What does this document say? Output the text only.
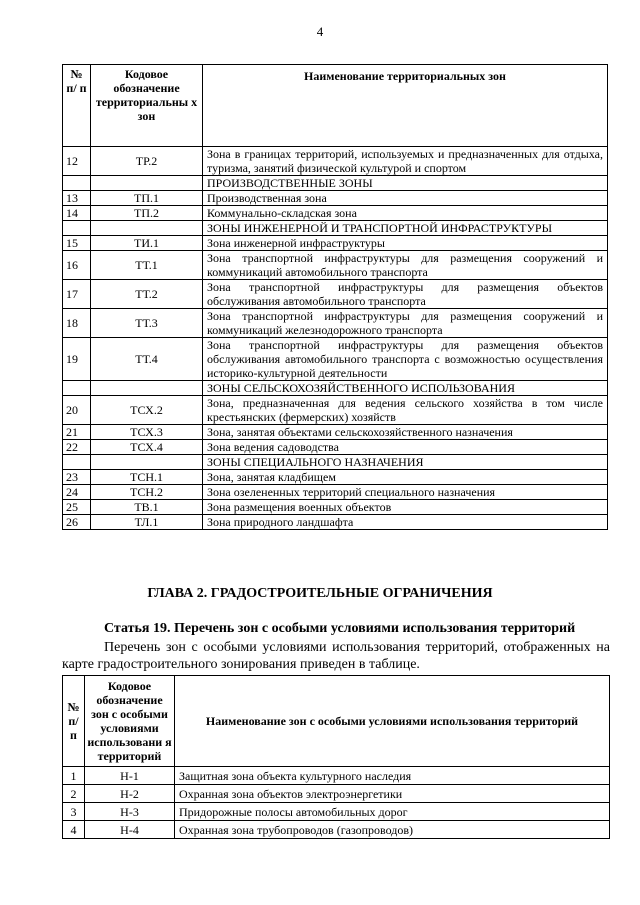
4
№ п/ п	Кодовое обозначение территориальны х зон	Наименование территориальных зон
12	ТР.2	Зона в границах территорий, используемых и предназначенных для отдыха, туризма, занятий физической культурой и спортом
		ПРОИЗВОДСТВЕННЫЕ ЗОНЫ
13	ТП.1	Производственная зона
14	ТП.2	Коммунально-складская зона
		ЗОНЫ ИНЖЕНЕРНОЙ И ТРАНСПОРТНОЙ ИНФРАСТРУКТУРЫ
15	ТИ.1	Зона инженерной инфраструктуры
16	ТТ.1	Зона транспортной инфраструктуры для размещения сооружений и коммуникаций автомобильного транспорта
17	ТТ.2	Зона транспортной инфраструктуры для размещения объектов обслуживания автомобильного транспорта
18	ТТ.3	Зона транспортной инфраструктуры для размещения сооружений и коммуникаций железнодорожного транспорта
19	ТТ.4	Зона транспортной инфраструктуры для размещения объектов обслуживания автомобильного транспорта с возможностью осуществления историко-культурной деятельности
		ЗОНЫ СЕЛЬСКОХОЗЯЙСТВЕННОГО ИСПОЛЬЗОВАНИЯ
20	ТСХ.2	Зона, предназначенная для ведения сельского хозяйства в том числе крестьянских (фермерских) хозяйств
21	ТСХ.3	Зона, занятая объектами сельскохозяйственного назначения
22	ТСХ.4	Зона ведения садоводства
		ЗОНЫ СПЕЦИАЛЬНОГО НАЗНАЧЕНИЯ
23	ТСН.1	Зона, занятая кладбищем
24	ТСН.2	Зона озелененных территорий специального назначения
25	ТВ.1	Зона размещения военных объектов
26	ТЛ.1	Зона природного ландшафта
ГЛАВА 2. ГРАДОСТРОИТЕЛЬНЫЕ ОГРАНИЧЕНИЯ
Статья 19. Перечень зон с особыми условиями использования территорий
Перечень зон с особыми условиями использования территорий, отображенных на карте градостроительного зонирования приведен в таблице.
№ п/п	Кодовое обозначение зон с особыми условиями использовани я территорий	Наименование зон с особыми условиями использования территорий
1	Н-1	Защитная зона объекта культурного наследия
2	Н-2	Охранная зона объектов электроэнергетики
3	Н-3	Придорожные полосы автомобильных дорог
4	Н-4	Охранная зона трубопроводов (газопроводов)
